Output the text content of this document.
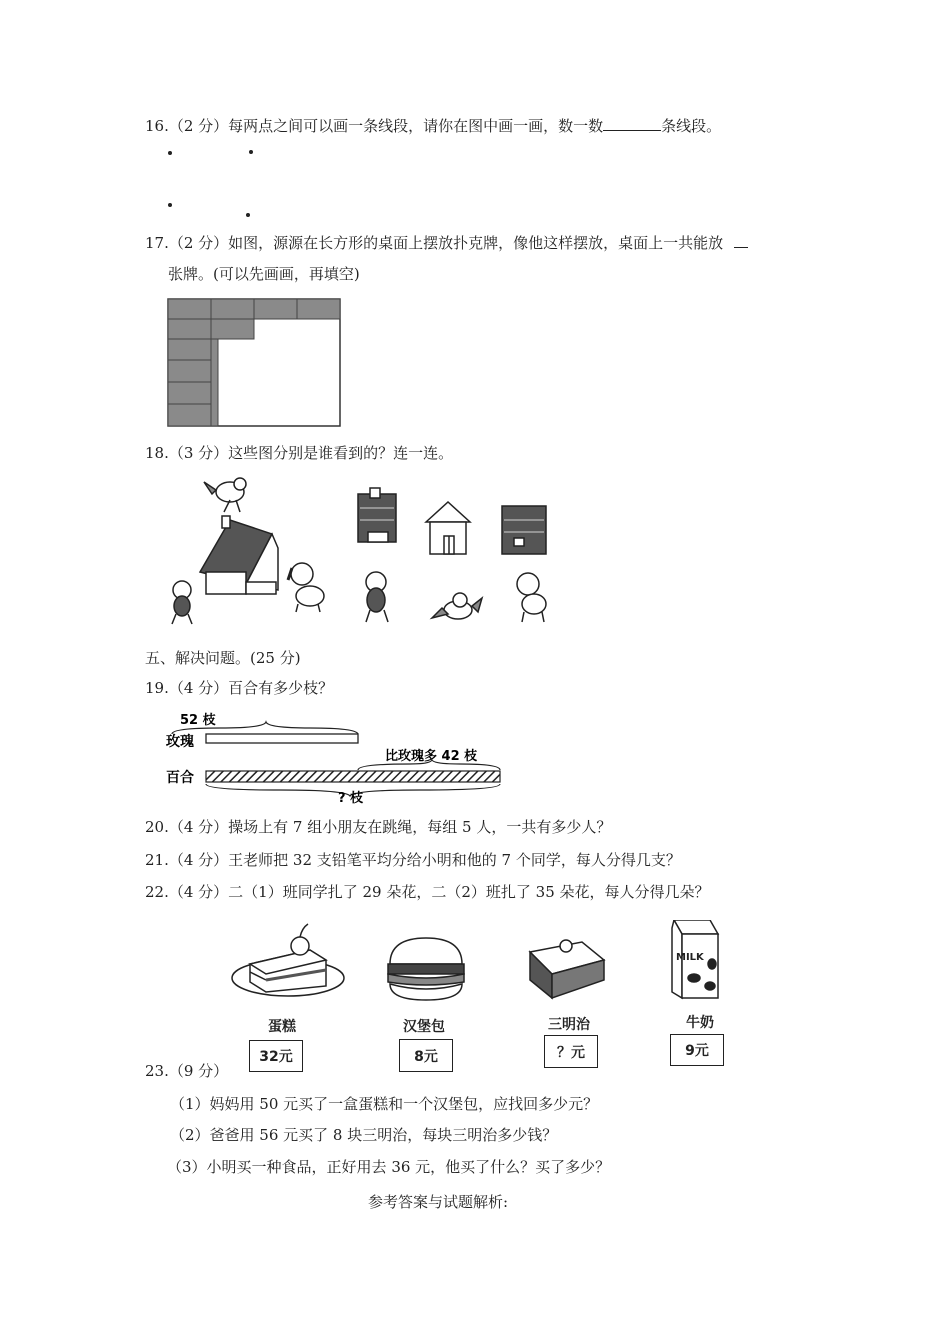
16.（2 分）每两点之间可以画一条线段，请你在图中画一画，数一数	条线段。
17.（2 分）如图，源源在长方形的桌面上摆放扑克牌，像他这样摆放，桌面上一共能放
张牌。(可以先画画，再填空)
18.（3 分）这些图分别是谁看到的？连一连。
五、解决问题。(25 分)
19.（4 分）百合有多少枝？
52 枝
玫瑰
比玫瑰多 42 枝
百合
? 枝
20.（4 分）操场上有 7 组小朋友在跳绳，每组 5 人，一共有多少人？
21.（4 分）王老师把 32 支铅笔平均分给小明和他的 7 个同学，每人分得几支？
22.（4 分）二（1）班同学扎了 29 朵花，二（2）班扎了 35 朵花，每人分得几朵？
MILK
蛋糕	汉堡包	三明治	牛奶
32元	8元	？元	9元
23.（9 分）
（1）妈妈用 50 元买了一盒蛋糕和一个汉堡包，应找回多少元？
（2）爸爸用 56 元买了 8 块三明治，每块三明治多少钱？
（3）小明买一种食品，正好用去 36 元，他买了什么？买了多少？
参考答案与试题解析:
